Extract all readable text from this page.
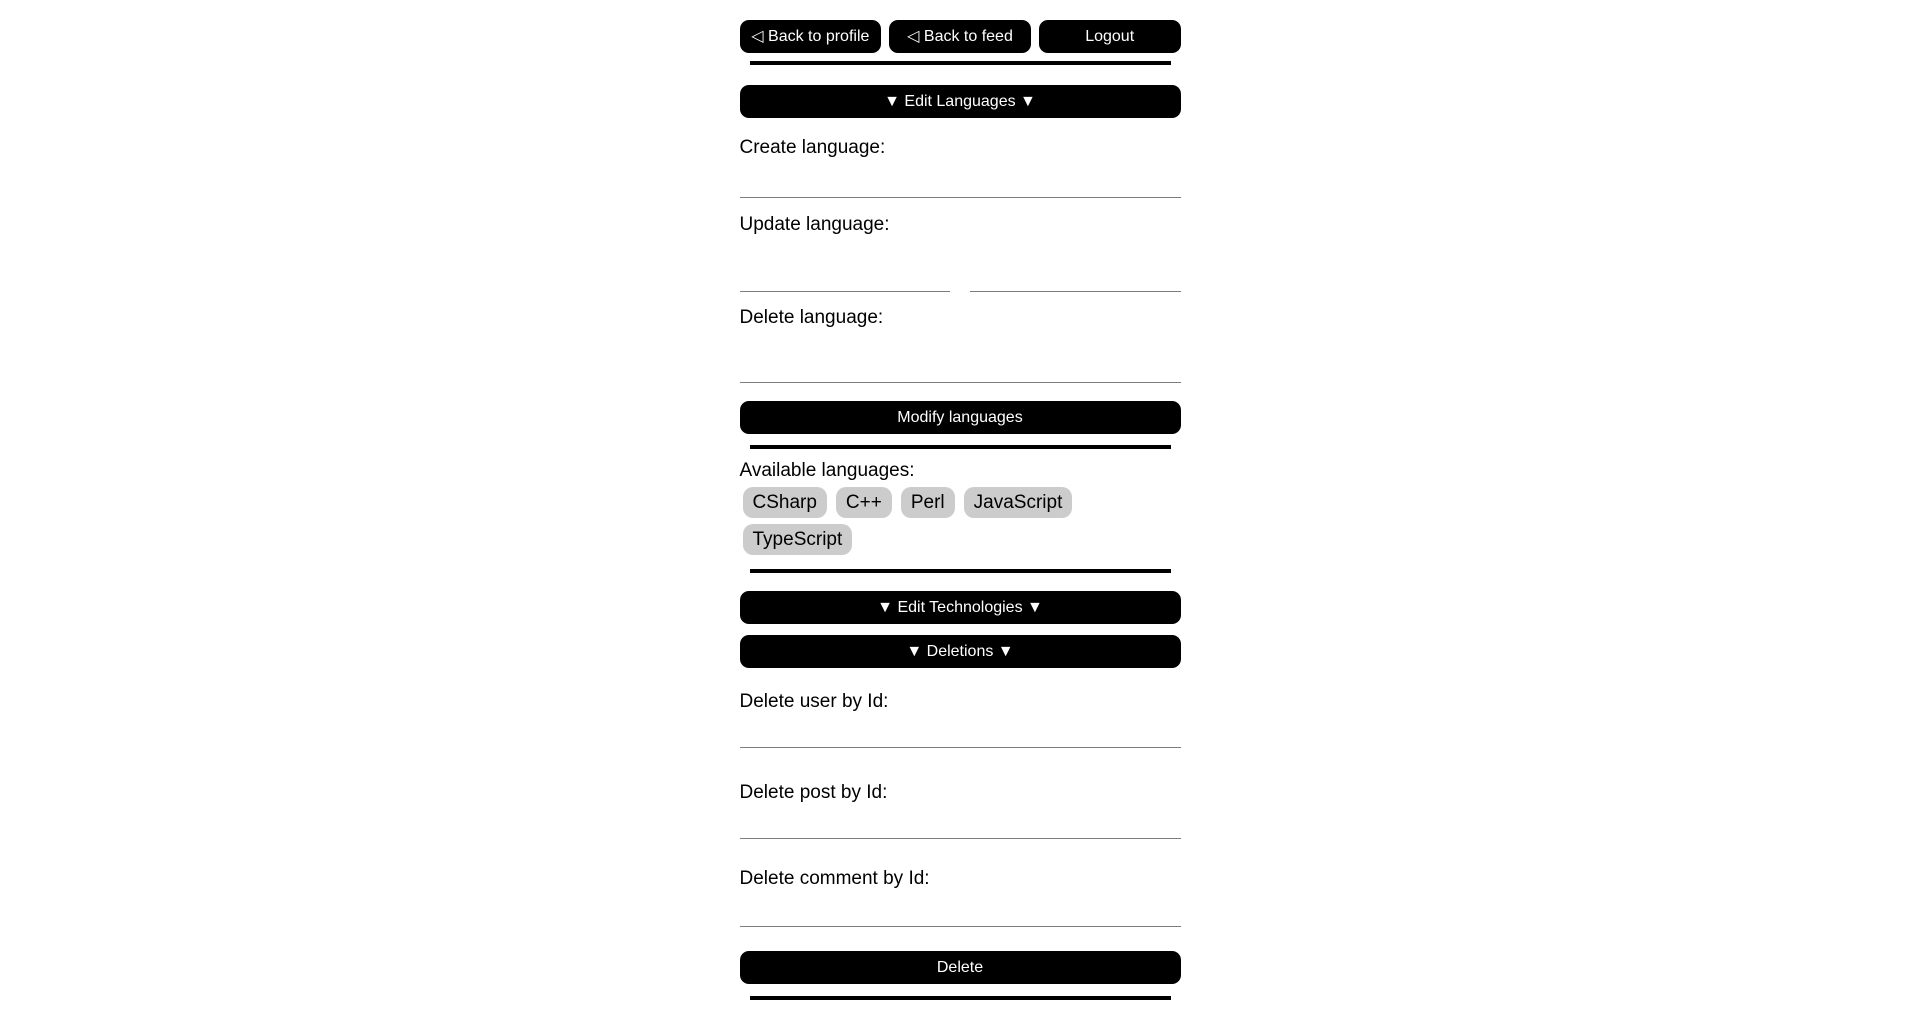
◁ Back to profile	◁ Back to feed	Logout
▼ Edit Languages ▼
Create language:
Update language:
Delete language:
Modify languages
Available languages:
CSharp	C++	Perl	JavaScript
TypeScript
▼ Edit Technologies ▼
▼ Deletions ▼
Delete user by Id:
Delete post by Id:
Delete comment by Id:
Delete
